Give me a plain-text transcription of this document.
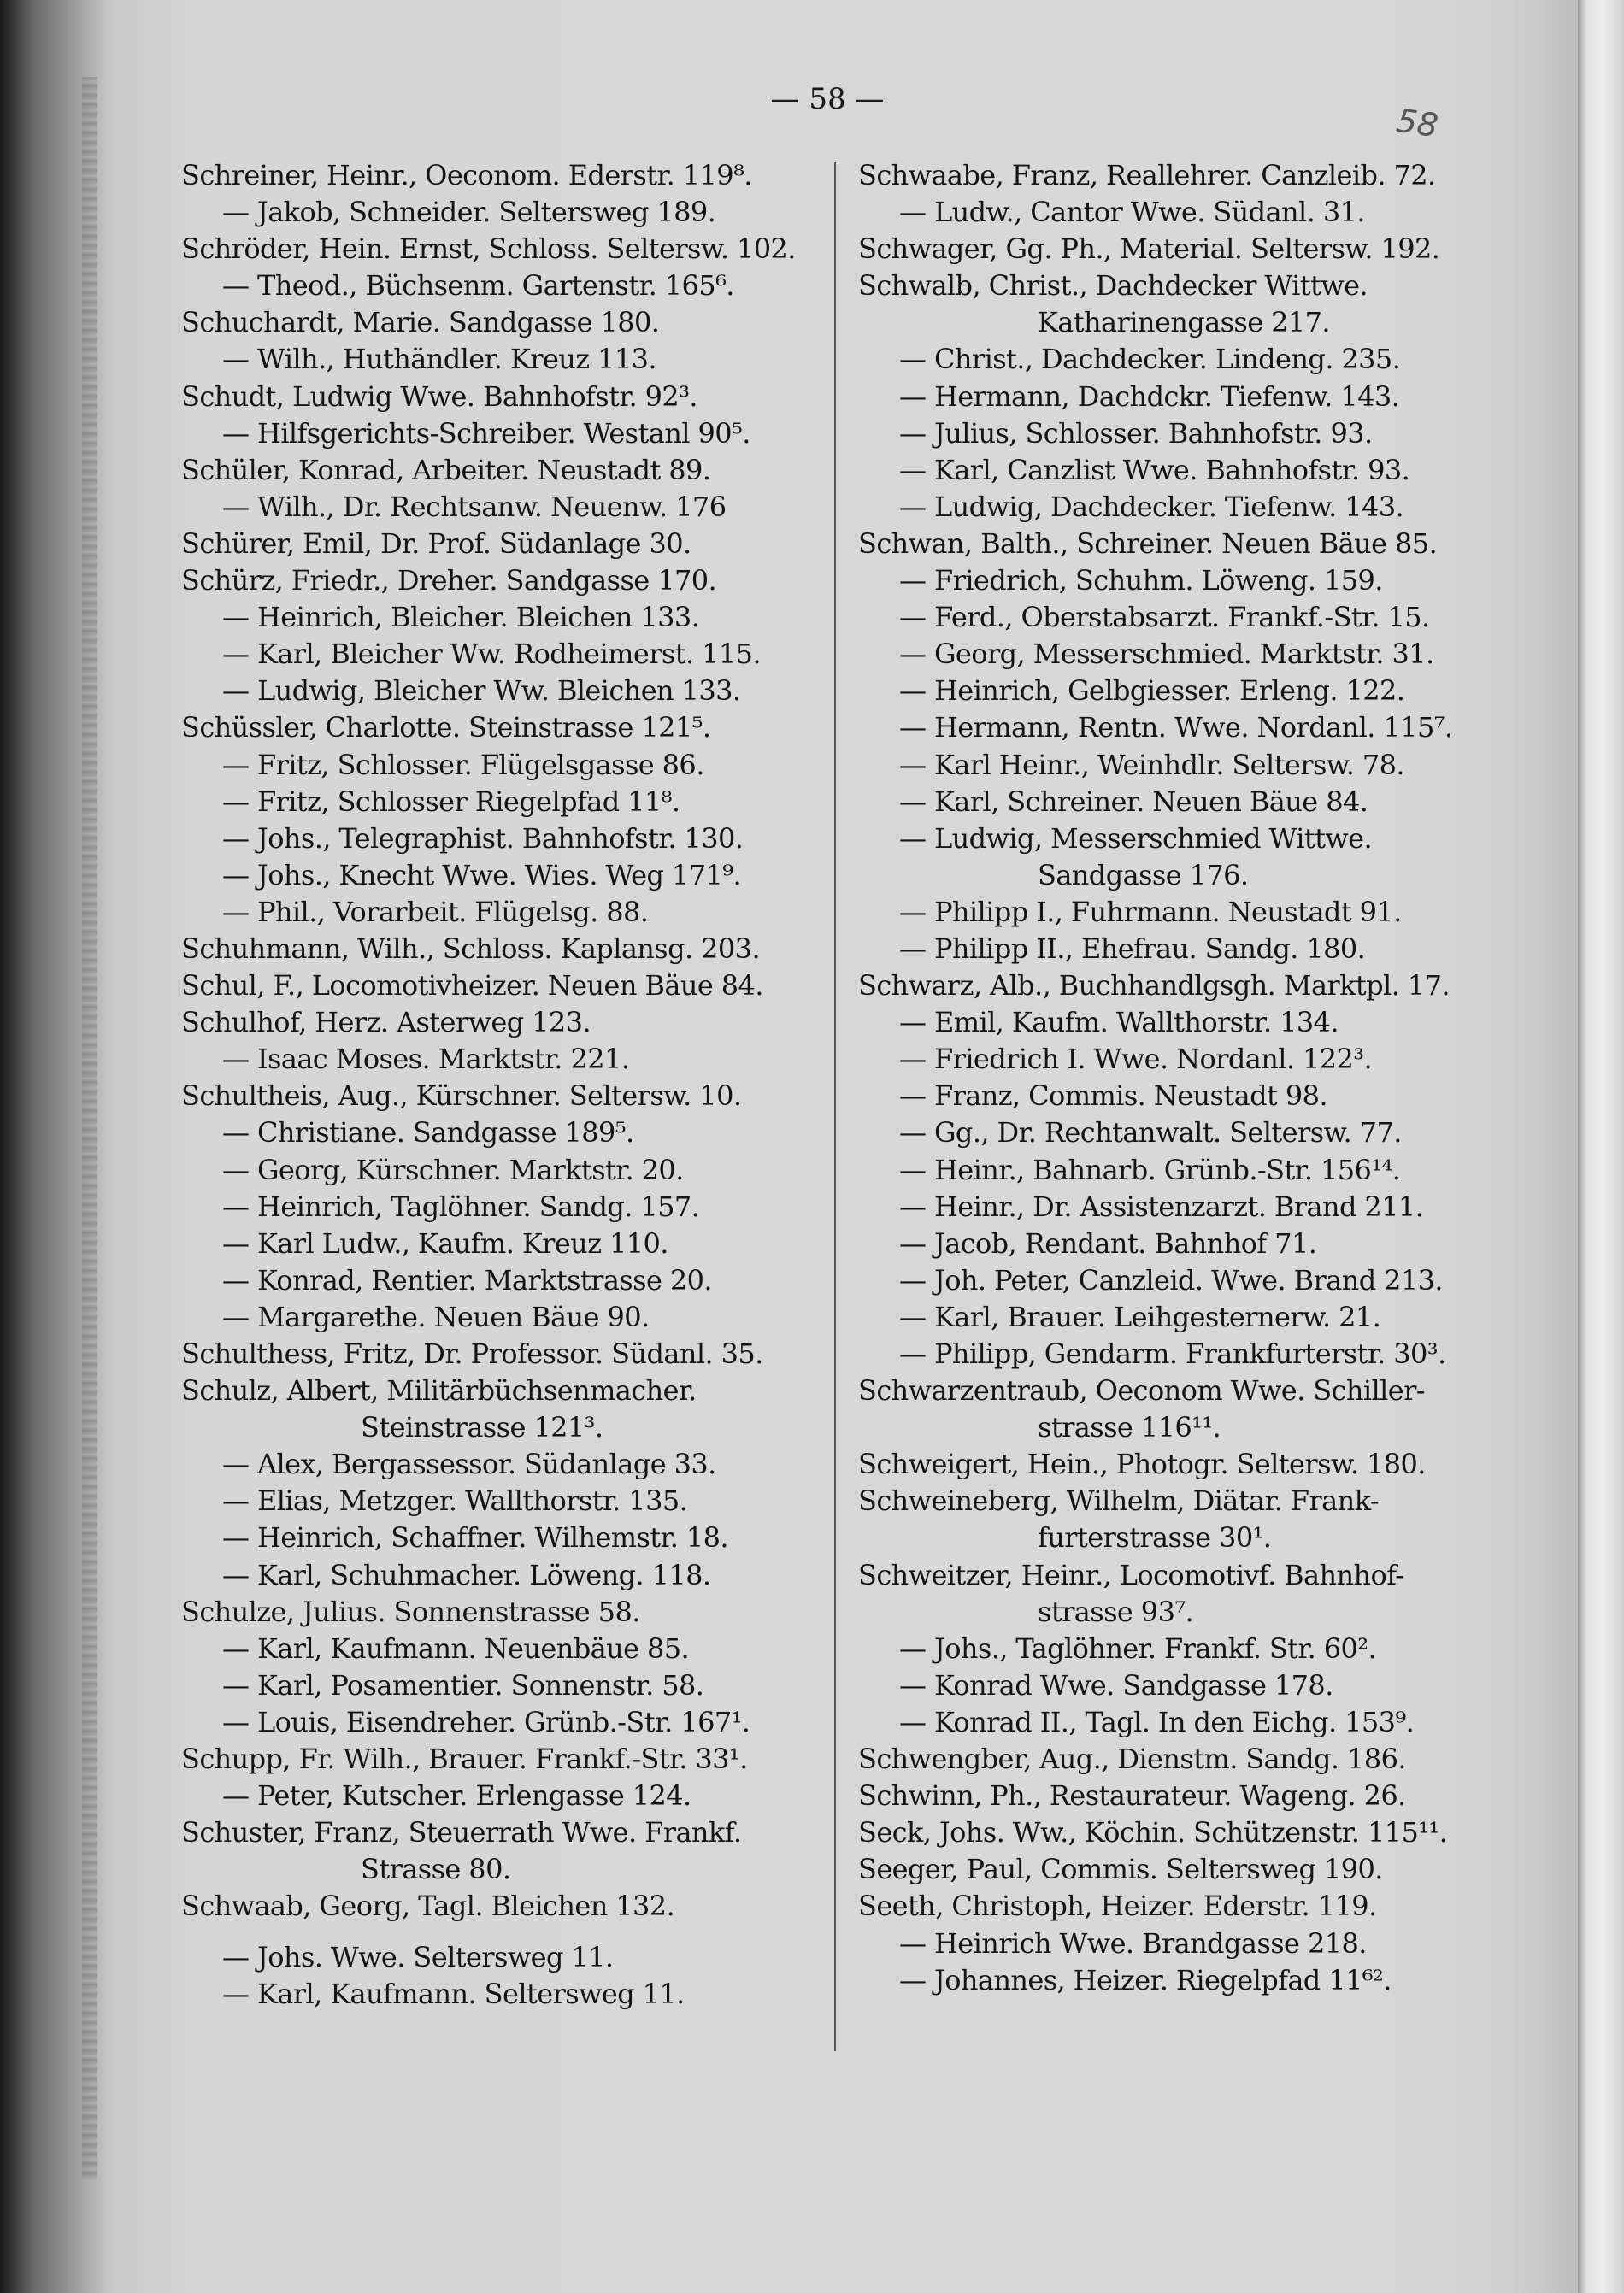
— 58 —
58
Schreiner, Heinr., Oeconom. Ederstr. 119⁸.
— Jakob, Schneider. Seltersweg 189.
Schröder, Hein. Ernst, Schloss. Seltersw. 102.
— Theod., Büchsenm. Gartenstr. 165⁶.
Schuchardt, Marie. Sandgasse 180.
— Wilh., Huthändler. Kreuz 113.
Schudt, Ludwig Wwe. Bahnhofstr. 92³.
— Hilfsgerichts-Schreiber. Westanl 90⁵.
Schüler, Konrad, Arbeiter. Neustadt 89.
— Wilh., Dr. Rechtsanw. Neuenw. 176
Schürer, Emil, Dr. Prof. Südanlage 30.
Schürz, Friedr., Dreher. Sandgasse 170.
— Heinrich, Bleicher. Bleichen 133.
— Karl, Bleicher Ww. Rodheimerst. 115.
— Ludwig, Bleicher Ww. Bleichen 133.
Schüssler, Charlotte. Steinstrasse 121⁵.
— Fritz, Schlosser. Flügelsgasse 86.
— Fritz, Schlosser Riegelpfad 11⁸.
— Johs., Telegraphist. Bahnhofstr. 130.
— Johs., Knecht Wwe. Wies. Weg 171⁹.
— Phil., Vorarbeit. Flügelsg. 88.
Schuhmann, Wilh., Schloss. Kaplansg. 203.
Schul, F., Locomotivheizer. Neuen Bäue 84.
Schulhof, Herz. Asterweg 123.
— Isaac Moses. Marktstr. 221.
Schultheis, Aug., Kürschner. Seltersw. 10.
— Christiane. Sandgasse 189⁵.
— Georg, Kürschner. Marktstr. 20.
— Heinrich, Taglöhner. Sandg. 157.
— Karl Ludw., Kaufm. Kreuz 110.
— Konrad, Rentier. Marktstrasse 20.
— Margarethe. Neuen Bäue 90.
Schulthess, Fritz, Dr. Professor. Südanl. 35.
Schulz, Albert, Militärbüchsenmacher.
Steinstrasse 121³.
— Alex, Bergassessor. Südanlage 33.
— Elias, Metzger. Wallthorstr. 135.
— Heinrich, Schaffner. Wilhemstr. 18.
— Karl, Schuhmacher. Löweng. 118.
Schulze, Julius. Sonnenstrasse 58.
— Karl, Kaufmann. Neuenbäue 85.
— Karl, Posamentier. Sonnenstr. 58.
— Louis, Eisendreher. Grünb.-Str. 167¹.
Schupp, Fr. Wilh., Brauer. Frankf.-Str. 33¹.
— Peter, Kutscher. Erlengasse 124.
Schuster, Franz, Steuerrath Wwe. Frankf.
Strasse 80.
Schwaab, Georg, Tagl. Bleichen 132.
— Johs. Wwe. Seltersweg 11.
— Karl, Kaufmann. Seltersweg 11.
Schwaabe, Franz, Reallehrer. Canzleib. 72.
— Ludw., Cantor Wwe. Südanl. 31.
Schwager, Gg. Ph., Material. Seltersw. 192.
Schwalb, Christ., Dachdecker Wittwe.
Katharinengasse 217.
— Christ., Dachdecker. Lindeng. 235.
— Hermann, Dachdckr. Tiefenw. 143.
— Julius, Schlosser. Bahnhofstr. 93.
— Karl, Canzlist Wwe. Bahnhofstr. 93.
— Ludwig, Dachdecker. Tiefenw. 143.
Schwan, Balth., Schreiner. Neuen Bäue 85.
— Friedrich, Schuhm. Löweng. 159.
— Ferd., Oberstabsarzt. Frankf.-Str. 15.
— Georg, Messerschmied. Marktstr. 31.
— Heinrich, Gelbgiesser. Erleng. 122.
— Hermann, Rentn. Wwe. Nordanl. 115⁷.
— Karl Heinr., Weinhdlr. Seltersw. 78.
— Karl, Schreiner. Neuen Bäue 84.
— Ludwig, Messerschmied Wittwe.
Sandgasse 176.
— Philipp I., Fuhrmann. Neustadt 91.
— Philipp II., Ehefrau. Sandg. 180.
Schwarz, Alb., Buchhandlgsgh. Marktpl. 17.
— Emil, Kaufm. Wallthorstr. 134.
— Friedrich I. Wwe. Nordanl. 122³.
— Franz, Commis. Neustadt 98.
— Gg., Dr. Rechtanwalt. Seltersw. 77.
— Heinr., Bahnarb. Grünb.-Str. 156¹⁴.
— Heinr., Dr. Assistenzarzt. Brand 211.
— Jacob, Rendant. Bahnhof 71.
— Joh. Peter, Canzleid. Wwe. Brand 213.
— Karl, Brauer. Leihgesternerw. 21.
— Philipp, Gendarm. Frankfurterstr. 30³.
Schwarzentraub, Oeconom Wwe. Schiller-
strasse 116¹¹.
Schweigert, Hein., Photogr. Seltersw. 180.
Schweineberg, Wilhelm, Diätar. Frank-
furterstrasse 30¹.
Schweitzer, Heinr., Locomotivf. Bahnhof-
strasse 93⁷.
— Johs., Taglöhner. Frankf. Str. 60².
— Konrad Wwe. Sandgasse 178.
— Konrad II., Tagl. In den Eichg. 153⁹.
Schwengber, Aug., Dienstm. Sandg. 186.
Schwinn, Ph., Restaurateur. Wageng. 26.
Seck, Johs. Ww., Köchin. Schützenstr. 115¹¹.
Seeger, Paul, Commis. Seltersweg 190.
Seeth, Christoph, Heizer. Ederstr. 119.
— Heinrich Wwe. Brandgasse 218.
— Johannes, Heizer. Riegelpfad 11⁶².
